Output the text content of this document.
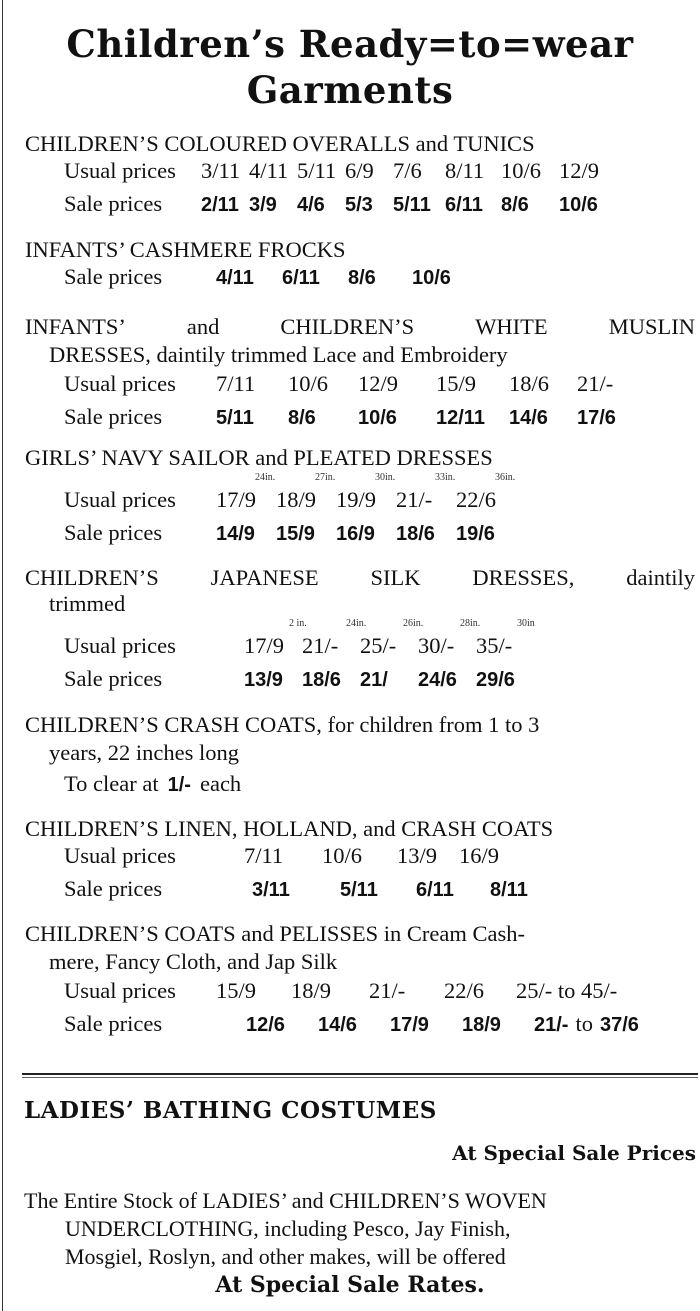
Children’s Ready=to=wear
Garments
CHILDREN’S COLOURED OVERALLS and TUNICS
Usual prices	3/11 4/11 5/11 6/9 7/6	8/11 10/6 12/9
Sale prices	2/11 3/9	4/6	5/3	5/11 6/11 8/6	10/6
INFANTS’ CASHMERE FROCKS
Sale prices	4/11	6/11	8/6	10/6
INFANTS’	and	CHILDREN’S	WHITE	MUSLIN
DRESSES, daintily trimmed Lace and Embroidery
Usual prices	7/11	10/6	12/9	15/9	18/6	21/-
Sale prices	5/11	8/6	10/6	12/11	14/6	17/6
GIRLS’ NAVY SAILOR and PLEATED DRESSES
24in.	27in.	30in.	33in.	36in.
Usual prices	17/9 18/9 19/9 21/-	22/6
Sale prices	14/9	15/9	16/9	18/6	19/6
CHILDREN’S JAPANESE SILK DRESSES, daintily
trimmed
2 in.	24in.	26in.	28in.	30in
Usual prices	17/9 21/- 25/- 30/- 35/-
Sale prices	13/9 18/6 21/	24/6 29/6
CHILDREN’S CRASH COATS, for children from 1 to 3
years, 22 inches long
To clear at 1/- each
CHILDREN’S LINEN, HOLLAND, and CRASH COATS
Usual prices	7/11	10/6	13/9 16/9
Sale prices	3/11	5/11	6/11	8/11
CHILDREN’S COATS and PELISSES in Cream Cash-
mere, Fancy Cloth, and Jap Silk
Usual prices	15/9	18/9	21/-	22/6	25/- to 45/-
Sale prices	12/6	14/6	17/9	18/9	21/- to 37/6
LADIES’ BATHING COSTUMES
At Special Sale Prices
The Entire Stock of LADIES’ and CHILDREN’S WOVEN
UNDERCLOTHING, including Pesco, Jay Finish,
Mosgiel, Roslyn, and other makes, will be offered
At Special Sale Rates.
